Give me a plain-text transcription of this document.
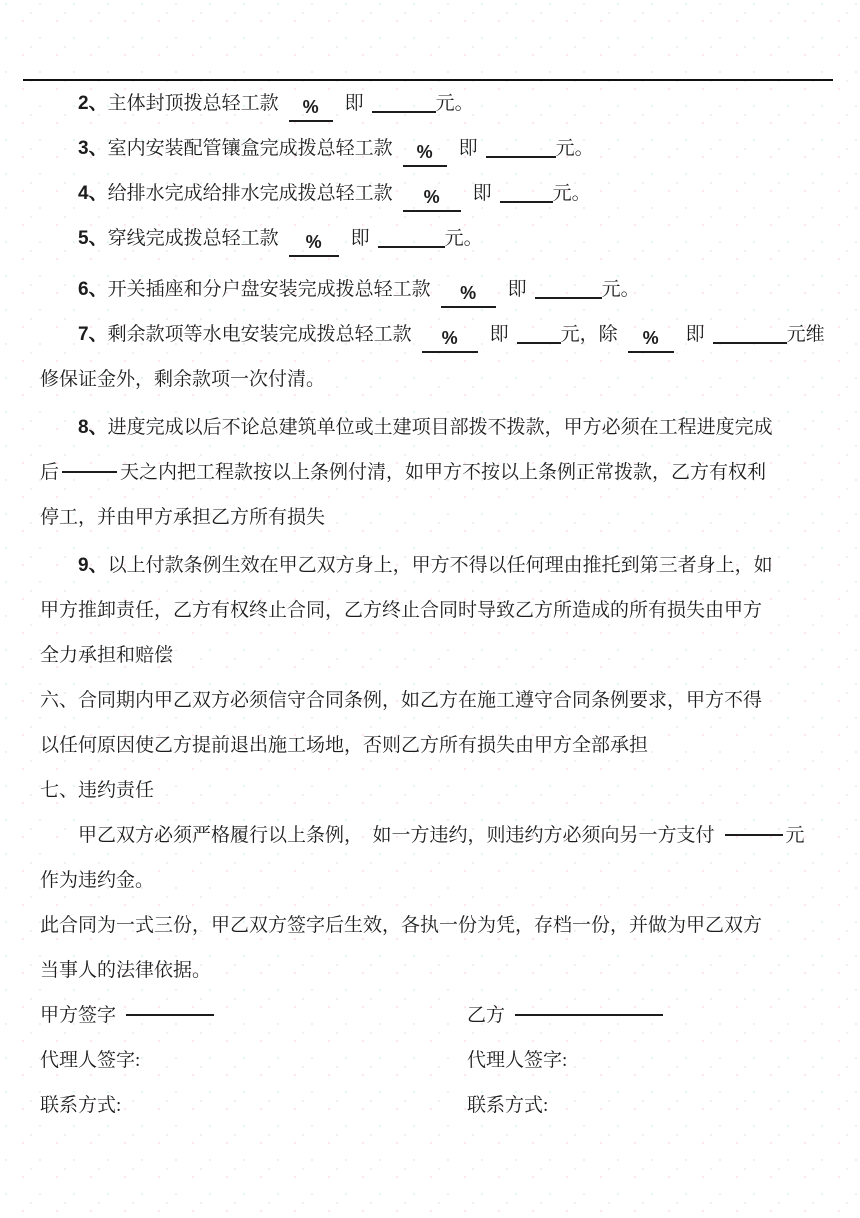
2、主体封顶拨总轻工款 % 即	元。

3、室内安装配管镶盒完成拨总轻工款 % 即	元。

4、给排水完成给排水完成拨总轻工款 % 即	元。

5、穿线完成拨总轻工款 % 即	元。

6、开关插座和分户盘安装完成拨总轻工款 % 即	元。

7、剩余款项等水电安装完成拨总轻工款 % 即	元，除 % 即	元维

修保证金外，剩余款项一次付清。

8、进度完成以后不论总建筑单位或土建项目部拨不拨款，甲方必须在工程进度完成

后	天之内把工程款按以上条例付清，如甲方不按以上条例正常拨款，乙方有权利

停工，并由甲方承担乙方所有损失

9、以上付款条例生效在甲乙双方身上，甲方不得以任何理由推托到第三者身上，如

甲方推卸责任，乙方有权终止合同，乙方终止合同时导致乙方所造成的所有损失由甲方

全力承担和赔偿

六、合同期内甲乙双方必须信守合同条例，如乙方在施工遵守合同条例要求，甲方不得

以任何原因使乙方提前退出施工场地，否则乙方所有损失由甲方全部承担

七、违约责任

甲乙双方必须严格履行以上条例，　如一方违约，则违约方必须向另一方支付	元

作为违约金。

此合同为一式三份，甲乙双方签字后生效，各执一份为凭，存档一份，并做为甲乙双方

当事人的法律依据。

甲方签字	乙方
代理人签字:	代理人签字:
联系方式:	联系方式:
